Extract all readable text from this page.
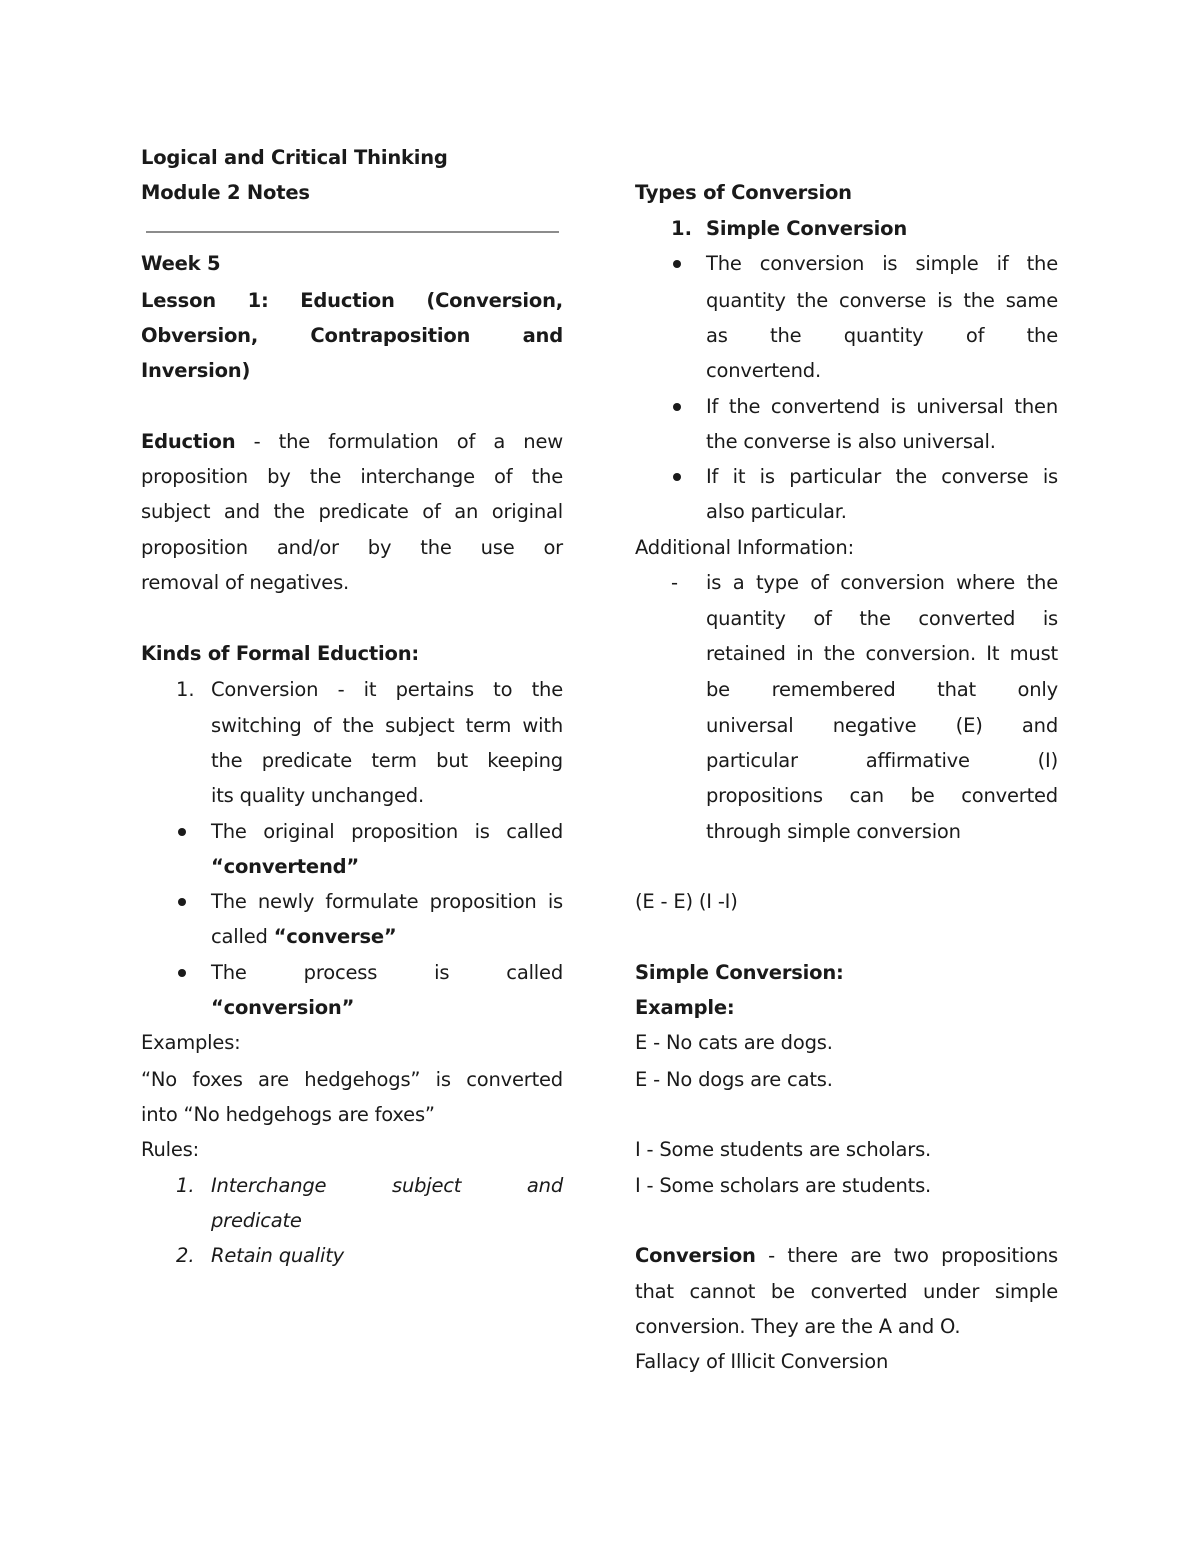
Logical and Critical Thinking
Module 2 Notes
Week 5
Lesson 1: Eduction (Conversion,
Obversion, Contraposition and
Inversion)
Eduction - the formulation of a new
proposition by the interchange of the
subject and the predicate of an original
proposition and/or by the use or
removal of negatives.
Kinds of Formal Eduction:
1. Conversion - it pertains to the
switching of the subject term with
the predicate term but keeping
its quality unchanged.
The original proposition is called
“convertend”
The newly formulate proposition is
called “converse”
The process is called
“conversion”
Examples:
“No foxes are hedgehogs” is converted
into “No hedgehogs are foxes”
Rules:
1. Interchange subject and
predicate
2. Retain quality
Types of Conversion
1. Simple Conversion
The conversion is simple if the
quantity the converse is the same
as the quantity of the
convertend.
If the convertend is universal then
the converse is also universal.
If it is particular the converse is
also particular.
Additional Information:
- is a type of conversion where the
quantity of the converted is
retained in the conversion. It must
be remembered that only
universal negative (E) and
particular affirmative (I)
propositions can be converted
through simple conversion
(E - E) (I -I)
Simple Conversion:
Example:
E - No cats are dogs.
E - No dogs are cats.
I - Some students are scholars.
I - Some scholars are students.
Conversion - there are two propositions
that cannot be converted under simple
conversion. They are the A and O.
Fallacy of Illicit Conversion
